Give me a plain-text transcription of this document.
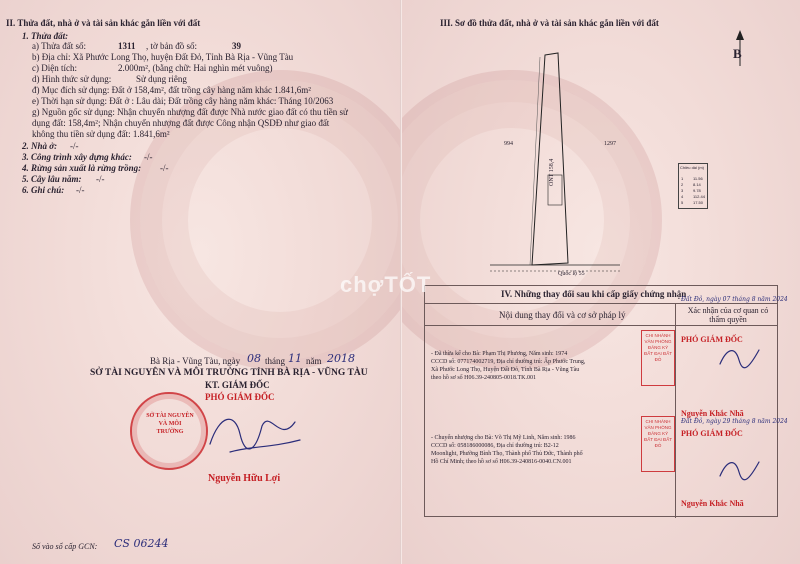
II. Thửa đất, nhà ở và tài sản khác gắn liền với đất
1. Thửa đất:
a) Thửa đất số:	1311 , tờ bản đồ số:	39
b) Địa chỉ: Xã Phước Long Thọ, huyện Đất Đỏ, Tỉnh Bà Rịa - Vũng Tàu
c) Diện tích:	2.000m², (bằng chữ: Hai nghìn mét vuông)
d) Hình thức sử dụng:	Sử dụng riêng
đ) Mục đích sử dụng: Đất ở 158,4m², đất trồng cây hàng năm khác 1.841,6m²
e) Thời hạn sử dụng: Đất ở : Lâu dài; Đất trồng cây hàng năm khác: Tháng 10/2063
g) Nguồn gốc sử dụng: Nhận chuyển nhượng đất được Nhà nước giao đất có thu tiền sử
dụng đất: 158,4m²; Nhận chuyển nhượng đất được Công nhận QSDĐ như giao đất
không thu tiền sử dụng đất: 1.841,6m²
2. Nhà ở: -/-
3. Công trình xây dựng khác: -/-
4. Rừng sản xuất là rừng trồng: -/-
5. Cây lâu năm: -/-
6. Ghi chú: -/-
Bà Rịa - Vũng Tàu, ngày 08 tháng 11 năm 2018
SỞ TÀI NGUYÊN VÀ MÔI TRƯỜNG TỈNH BÀ RỊA - VŨNG TÀU
KT. GIÁM ĐỐC
PHÓ GIÁM ĐỐC
SỞ TÀI NGUYÊN VÀ MÔI TRƯỜNG
Nguyễn Hữu Lợi
Số vào sổ cấp GCN: CS 06244
III. Sơ đồ thửa đất, nhà ở và tài sản khác gắn liền với đất
B
994	1297
Quốc lộ 55
ONT 158,4	Chiều dài (m)
1 11.56
2 8.14
3 9.78
4 112.44
5 17.50
IV. Những thay đổi sau khi cấp giấy chứng nhận
Nội dung thay đổi và cơ sở pháp lý	Xác nhận của cơ quan có thẩm quyền
- Đã thừa kế cho Bà: Phạm Thị Phương, Năm sinh: 1974
CCCD số: 077174002719, Địa chỉ thường trú: Ấp Phước Trung,
Xã Phước Long Thọ, Huyện Đất Đỏ, Tỉnh Bà Rịa - Vũng Tàu
theo hồ sơ số H06.39-240805-0018.TK.001
- Chuyển nhượng cho Bà: Võ Thị Mỹ Linh, Năm sinh: 1986
CCCD số: 058186000086, Địa chỉ thường trú: B2-12
Moonlight, Phường Bình Thọ, Thành phố Thủ Đức, Thành phố
Hồ Chí Minh; theo hồ sơ số H06.39-240816-0040.CN.001
CHI NHÁNH VĂN PHÒNG ĐĂNG KÝ ĐẤT ĐAI ĐẤT ĐỎ
CHI NHÁNH VĂN PHÒNG ĐĂNG KÝ ĐẤT ĐAI ĐẤT ĐỎ
Đất Đỏ, ngày 07 tháng 8 năm 2024
PHÓ GIÁM ĐỐC
Nguyễn Khắc Nhã
Đất Đỏ, ngày 29 tháng 8 năm 2024
PHÓ GIÁM ĐỐC
Nguyễn Khắc Nhã
chợTỐT
